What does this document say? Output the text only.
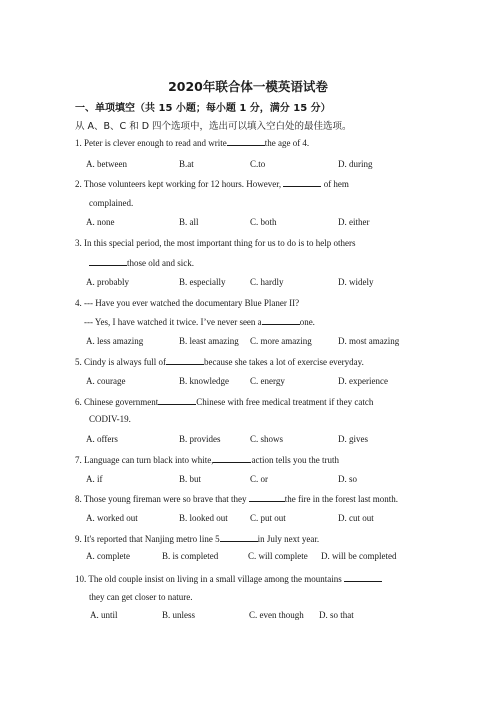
2020年联合体一模英语试卷
一、单项填空（共 15 小题；每小题 1 分，满分 15 分）
从 A、B、C 和 D 四个选项中，选出可以填入空白处的最佳选项。
1. Peter is clever enough to read and write	the age of 4.
A. between	B.at	C.to	D. during
2. Those volunteers kept working for 12 hours. However,	of hem
complained.
A. none	B. all	C. both	D. either
3. In this special period, the most important thing for us to do is to help others
those old and sick.
A. probably	B. especially	C. hardly	D. widely
4. --- Have you ever watched the documentary Blue Planer II?
--- Yes, I have watched it twice. I’ve never seen a	one.
A. less amazing	B. least amazing C. more amazing	D. most amazing
5. Cindy is always full of	because she takes a lot of exercise everyday.
A. courage	B. knowledge C. energy	D. experience
6. Chinese government	Chinese with free medical treatment if they catch
CODIV-19.
A. offers	B. provides	C. shows	D. gives
7. Language can turn black into white,	action tells you the truth
A. if	B. but	C. or	D. so
8. Those young fireman were so brave that they	the fire in the forest last month.
A. worked out	B. looked out C. put out	D. cut out
9. It's reported that Nanjing metro line 5	in July next year.
A. complete	B. is completed	C. will complete D. will be completed
10. The old couple insist on living in a small village among the mountains
they can get closer to nature.
A. until	B. unless	C. even though D. so that
